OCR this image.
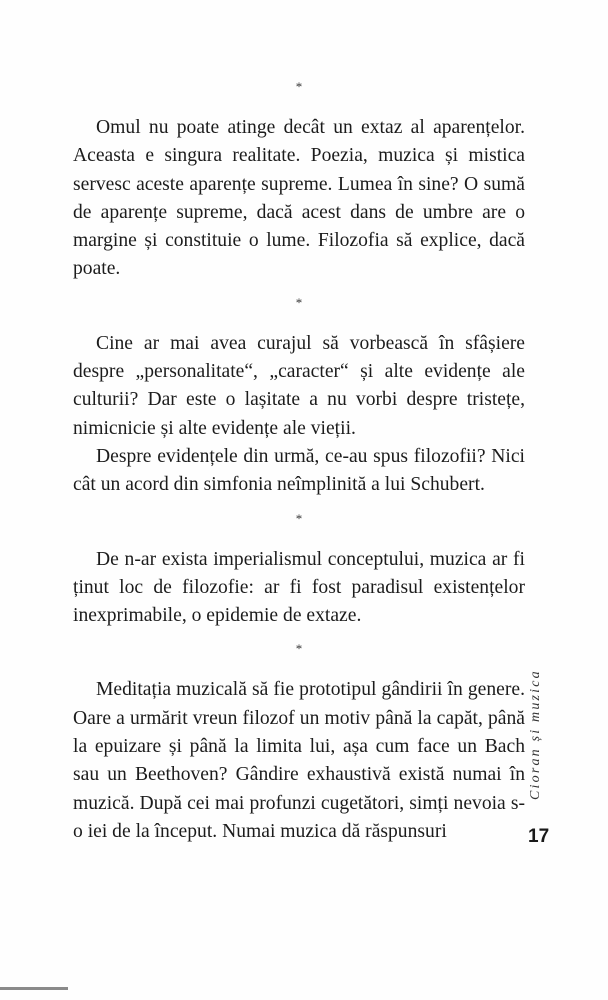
*

Omul nu poate atinge decât un extaz al aparențelor. Aceasta e singura realitate. Poezia, muzica și mistica servesc aceste aparențe supreme. Lumea în sine? O sumă de aparențe supreme, dacă acest dans de umbre are o margine și constituie o lume. Filozofia să explice, dacă poate.

*

Cine ar mai avea curajul să vorbească în sfâșiere despre „personalitate“, „caracter“ și alte evidențe ale culturii? Dar este o lașitate a nu vorbi despre tristețe, nimicnicie și alte evidențe ale vieții.

Despre evidențele din urmă, ce-au spus filozofii? Nici cât un acord din simfonia neîmplinită a lui Schubert.

*

De n-ar exista imperialismul conceptului, muzica ar fi ținut loc de filozofie: ar fi fost paradisul existențelor inexprimabile, o epidemie de extaze.

*

Meditația muzicală să fie prototipul gândirii în genere. Oare a urmărit vreun filozof un motiv până la capăt, până la epuizare și până la limita lui, așa cum face un Bach sau un Beethoven? Gândire exhaustivă există numai în muzică. După cei mai profunzi cugetători, simți nevoia s-o iei de la început. Numai muzica dă răspunsuri

Cioran și muzica
17
